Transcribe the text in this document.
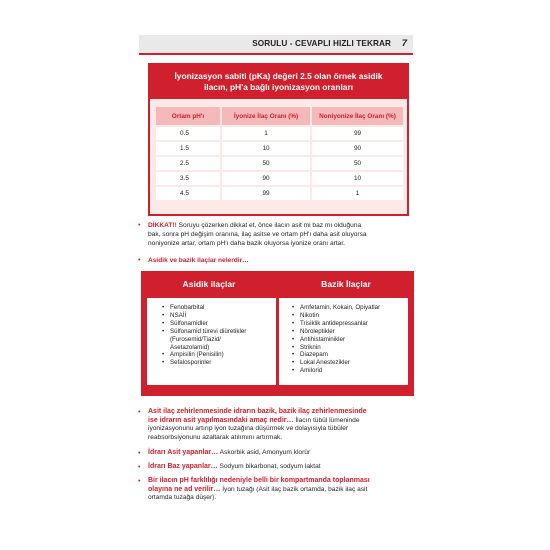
SORULU - CEVAPLI HIZLI TEKRAR 7
İyonizasyon sabiti (pKa) değeri 2.5 olan örnek asidik
ilacın, pH'a bağlı iyonizasyon oranları
Ortam pH'ı	İyonize İlaç Oranı (%)	Noniyonize İlaç Oranı (%)
0.5	1	99
1.5	10	90
2.5	50	50
3.5	90	10
4.5	99	1
•	DİKKAT!! Soruyu çözerken dikkat et, önce ilacın asit mi baz mı olduğuna
bak, sonra pH değişim oranına, ilaç asitse ve ortam pH'ı daha asit oluyorsa
noniyonize artar, ortam pH'ı daha bazik oluyorsa iyonize oranı artar.
•	Asidik ve bazik ilaçlar nelerdir…
Asidik ilaçlar	Bazik İlaçlar
• Fenobarbital
• NSAİİ
• Sülfonamidler
• Sülfonamid türevi diüretikler
(Furosemid/Tiazid/
Asetazolamid)
• Ampisilin (Penisilin)
• Sefalosporinler
• Amfetamin, Kokain, Opiyatlar
• Nikotin
• Trisiklik antidepressanlar
• Nöroleptikler
• Antihistaminikler
• Striknin
• Diazepam
• Lokal Anestezikler
• Amilorid
•	Asit ilaç zehirlenmesinde idrarın bazik, bazik ilaç zehirlenmesinde
ise idrarın asit yapılmasındaki amaç nedir… İlacın tübül lümeninde
iyonizasyonunu artırıp iyon tuzağına düşürmek ve dolayısıyla tübüler
reabsorbsiyonunu azaltarak atılımını artırmak.
•	İdrarı Asit yapanlar… Askorbik asid, Amonyum klorür
•	İdrarı Baz yapanlar… Sodyum bikarbonat, sodyum laktat
•	Bir ilacın pH farklılığı nedeniyle belli bir kompartmanda toplanması
olayına ne ad verilir… İyon tuzağı (Asit ilaç bazik ortamda, bazik ilaç asit
ortamda tuzağa düşer).
